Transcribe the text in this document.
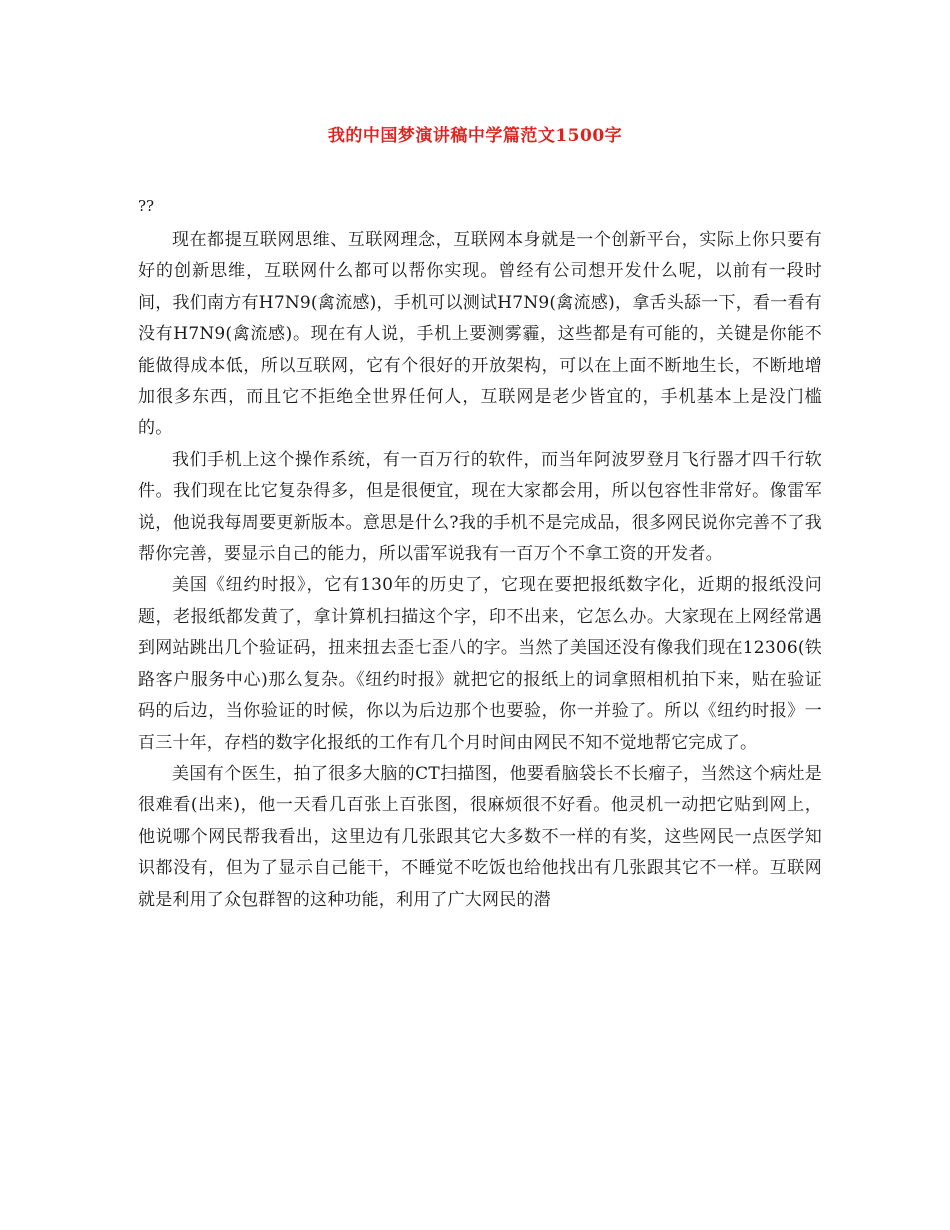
我的中国梦演讲稿中学篇范文1500字
??

现在都提互联网思维、互联网理念，互联网本身就是一个创新平台，实际上你只要有好的创新思维，互联网什么都可以帮你实现。曾经有公司想开发什么呢，以前有一段时间，我们南方有H7N9(禽流感)，手机可以测试H7N9(禽流感)，拿舌头舔一下，看一看有没有H7N9(禽流感)。现在有人说，手机上要测雾霾，这些都是有可能的，关键是你能不能做得成本低，所以互联网，它有个很好的开放架构，可以在上面不断地生长，不断地增加很多东西，而且它不拒绝全世界任何人，互联网是老少皆宜的，手机基本上是没门槛的。

我们手机上这个操作系统，有一百万行的软件，而当年阿波罗登月飞行器才四千行软件。我们现在比它复杂得多，但是很便宜，现在大家都会用，所以包容性非常好。像雷军说，他说我每周要更新版本。意思是什么?我的手机不是完成品，很多网民说你完善不了我帮你完善，要显示自己的能力，所以雷军说我有一百万个不拿工资的开发者。

美国《纽约时报》，它有130年的历史了，它现在要把报纸数字化，近期的报纸没问题，老报纸都发黄了，拿计算机扫描这个字，印不出来，它怎么办。大家现在上网经常遇到网站跳出几个验证码，扭来扭去歪七歪八的字。当然了美国还没有像我们现在12306(铁路客户服务中心)那么复杂。《纽约时报》就把它的报纸上的词拿照相机拍下来，贴在验证码的后边，当你验证的时候，你以为后边那个也要验，你一并验了。所以《纽约时报》一百三十年，存档的数字化报纸的工作有几个月时间由网民不知不觉地帮它完成了。

美国有个医生，拍了很多大脑的CT扫描图，他要看脑袋长不长瘤子，当然这个病灶是很难看(出来)，他一天看几百张上百张图，很麻烦很不好看。他灵机一动把它贴到网上，他说哪个网民帮我看出，这里边有几张跟其它大多数不一样的有奖，这些网民一点医学知识都没有，但为了显示自己能干，不睡觉不吃饭也给他找出有几张跟其它不一样。互联网就是利用了众包群智的这种功能，利用了广大网民的潜
